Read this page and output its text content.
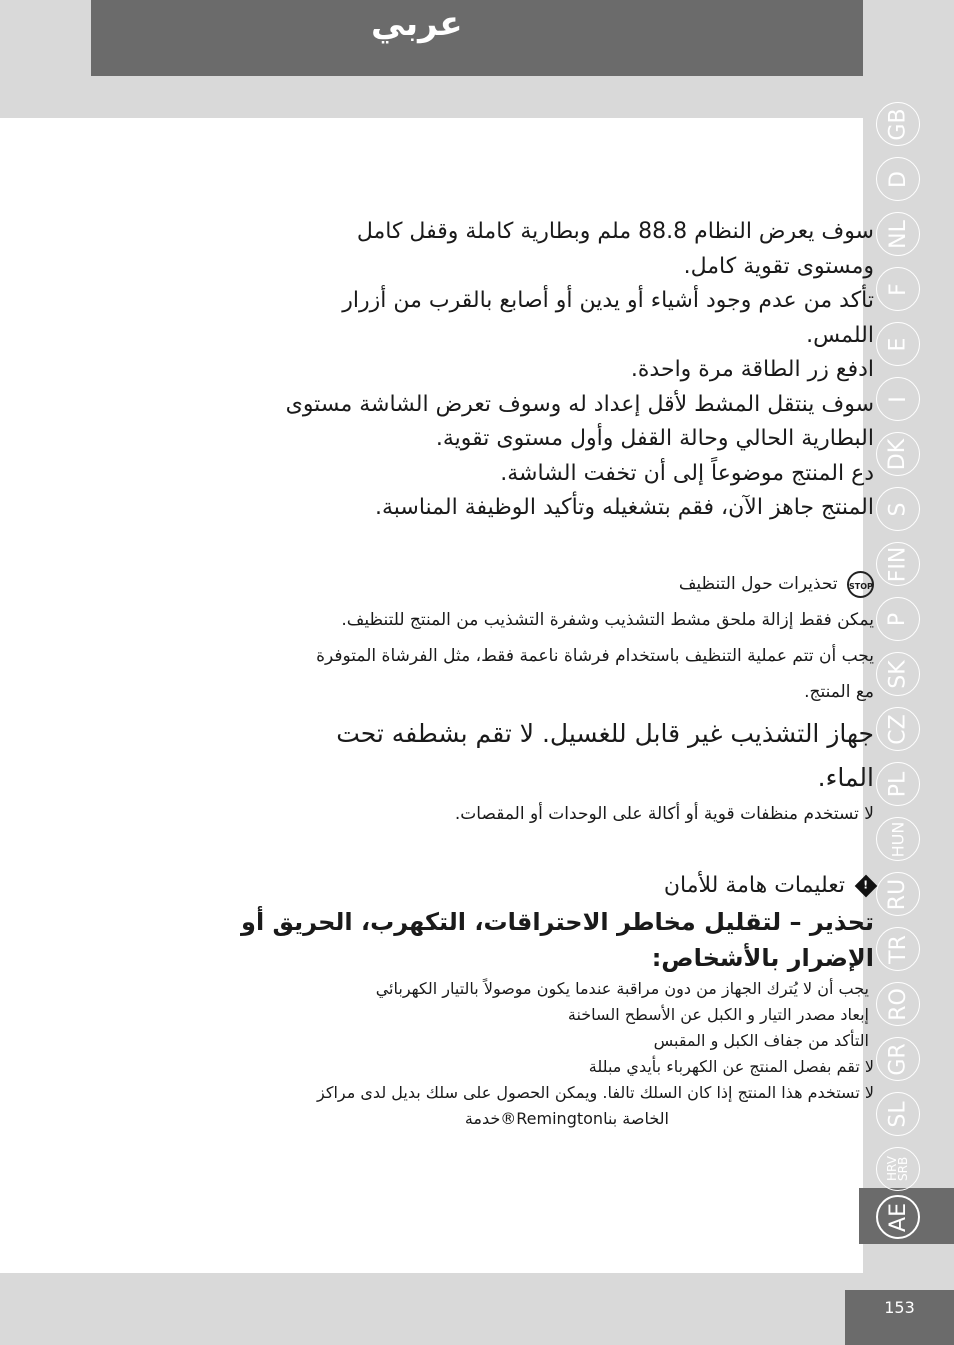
عربي

سوف يعرض النظام 88.8 ملم وبطارية كاملة وقفل كامل

ومستوى تقوية كامل.

تأكد من عدم وجود أشياء أو يدين أو أصابع بالقرب من أزرار

اللمس.

ادفع زر الطاقة مرة واحدة.

سوف ينتقل المشط لأقل إعداد له وسوف تعرض الشاشة مستوى

البطارية الحالي وحالة القفل وأول مستوى تقوية.

دع المنتج موضوعاً إلى أن تخفت الشاشة.

المنتج جاهز الآن، فقم بتشغيله وتأكيد الوظيفة المناسبة.

STOP تحذيرات حول التنظيف

يمكن فقط إزالة ملحق مشط التشذيب وشفرة التشذيب من المنتج للتنظيف.

يجب أن تتم عملية التنظيف باستخدام فرشاة ناعمة فقط، مثل الفرشاة المتوفرة

مع المنتج.

جهاز التشذيب غير قابل للغسيل. لا تقم بشطفه تحت
الماء.

لا تستخدم منظفات قوية أو أكالة على الوحدات أو المقصات.

! تعليمات هامة للأمان
تحذير – لتقليل مخاطر الاحتراقات، التكهرب، الحريق أو
الإضرار بالأشخاص:

يجب أن لا يُترك الجهاز من دون مراقبة عندما يكون موصولاً بالتيار الكهربائي

إبعاد مصدر التيار و الكبل عن الأسطح الساخنة

التأكد من جفاف الكبل و المقبس

لا تقم بفصل المنتج عن الكهرباء بأيدي مبللة

لا تستخدم هذا المنتج إذا كان السلك تالفا. ويمكن الحصول على سلك بديل لدى مراكز

الخاصة بناRemington®خدمة

GB
D
NL
F
E
I
DK
S
FIN
P
SK
CZ
PL
HUN
RU
TR
RO
GR
SL
HRV SRB
AE
153
